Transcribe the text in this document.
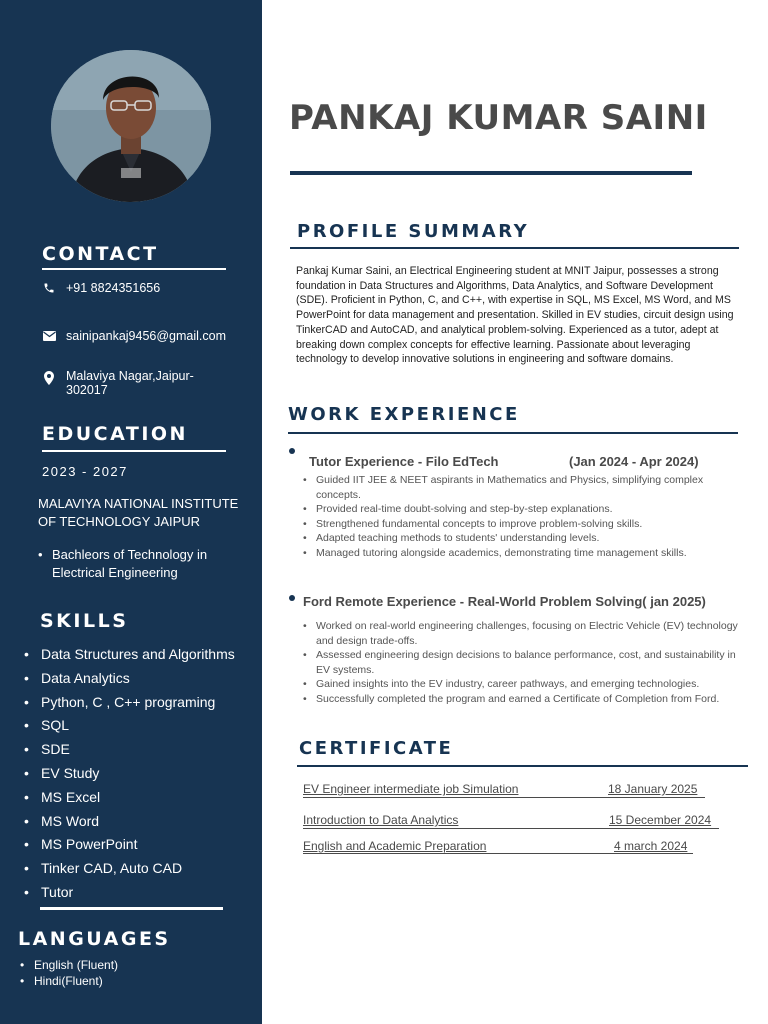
CONTACT
+91 8824351656
sainipankaj9456@gmail.com
Malaviya Nagar,Jaipur-302017
EDUCATION
2023 - 2027
MALAVIYA NATIONAL INSTITUTE OF TECHNOLOGY JAIPUR
• Bachleors of Technology in Electrical Engineering
SKILLS
• Data Structures and Algorithms
• Data Analytics
• Python, C , C++ programing
• SQL
• SDE
• EV Study
• MS Excel
• MS Word
• MS PowerPoint
• Tinker CAD, Auto CAD
• Tutor
LANGUAGES
• English (Fluent)
• Hindi(Fluent)
PANKAJ KUMAR SAINI
PROFILE SUMMARY

Pankaj Kumar Saini, an Electrical Engineering student at MNIT Jaipur, possesses a strong foundation in Data Structures and Algorithms, Data Analytics, and Software Development (SDE). Proficient in Python, C, and C++, with expertise in SQL, MS Excel, MS Word, and MS PowerPoint for data management and presentation. Skilled in EV studies, circuit design using TinkerCAD and AutoCAD, and analytical problem-solving. Experienced as a tutor, adept at breaking down complex concepts for effective learning. Passionate about leveraging technology to develop innovative solutions in engineering and software domains.

WORK EXPERIENCE
Tutor Experience - Filo EdTech	(Jan 2024 - Apr 2024)
• Guided IIT JEE & NEET aspirants in Mathematics and Physics, simplifying complex concepts.
• Provided real-time doubt-solving and step-by-step explanations.
• Strengthened fundamental concepts to improve problem-solving skills.
• Adapted teaching methods to students' understanding levels.
• Managed tutoring alongside academics, demonstrating time management skills.
Ford Remote Experience - Real-World Problem Solving( jan 2025)
• Worked on real-world engineering challenges, focusing on Electric Vehicle (EV) technology and design trade-offs.
• Assessed engineering design decisions to balance performance, cost, and sustainability in EV systems.
• Gained insights into the EV industry, career pathways, and emerging technologies.
• Successfully completed the program and earned a Certificate of Completion from Ford.
CERTIFICATE
EV Engineer intermediate job Simulation	18 January 2025
Introduction to Data Analytics	15 December 2024
English and Academic Preparation	4 march 2024
